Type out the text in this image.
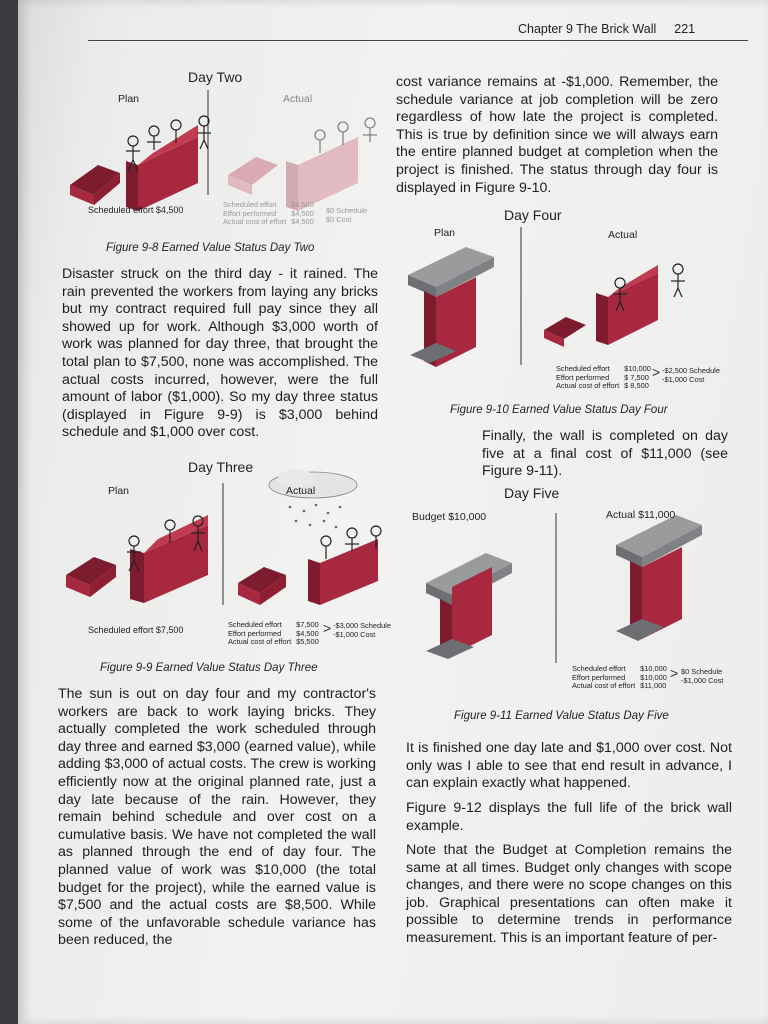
Chapter 9 The Brick Wall 221
Day Two
Plan	Actual
Scheduled effort $4,500
Scheduled effort	$4,500
Effort performed	$4,500
Actual cost of effort $4,500
$0 Schedule
$0 Cost
Figure 9-8 Earned Value Status Day Two

Disaster struck on the third day - it rained. The rain prevented the workers from laying any bricks but my contract required full pay since they all showed up for work. Although $3,000 worth of work was planned for day three, that brought the total plan to $7,500, none was accomplished. The actual costs incurred, however, were the full amount of labor ($1,000). So my day three status (displayed in Figure 9-9) is $3,000 behind schedule and $1,000 over cost.

Day Three
Plan	Actual
Scheduled effort $7,500
Scheduled effort	$7,500
Effort performed	$4,500
Actual cost of effort $5,500
> -$3,000 Schedule
-$1,000 Cost
Figure 9-9 Earned Value Status Day Three

The sun is out on day four and my contractor's workers are back to work laying bricks. They actually completed the work scheduled through day three and earned $3,000 (earned value), while adding $3,000 of actual costs. The crew is working efficiently now at the original planned rate, just a day late because of the rain. However, they remain behind schedule and over cost on a cumulative basis. We have not completed the wall as planned through the end of day four. The planned value of work was $10,000 (the total budget for the project), while the earned value is $7,500 and the actual costs are $8,500. While some of the unfavorable schedule variance has been reduced, the

cost variance remains at -$1,000. Remember, the schedule variance at job completion will be zero regardless of how late the project is completed. This is true by definition since we will always earn the entire planned budget at completion when the project is finished. The status through day four is displayed in Figure 9-10.

Day Four
Plan	Actual
Scheduled effort	$10,000
Effort performed	$ 7,500
Actual cost of effort $ 8,500
> -$2,500 Schedule
-$1,000 Cost
Figure 9-10 Earned Value Status Day Four

Finally, the wall is completed on day five at a final cost of $11,000 (see Figure 9-11).

Day Five
Budget $10,000	Actual $11,000
Scheduled effort	$10,000
Effort performed	$10,000
Actual cost of effort $11,000
> $0 Schedule
-$1,000 Cost
Figure 9-11 Earned Value Status Day Five

It is finished one day late and $1,000 over cost. Not only was I able to see that end result in advance, I can explain exactly what happened.

Figure 9-12 displays the full life of the brick wall example.

Note that the Budget at Completion remains the same at all times. Budget only changes with scope changes, and there were no scope changes on this job. Graphical presentations can often make it possible to determine trends in performance measurement. This is an important feature of per-
